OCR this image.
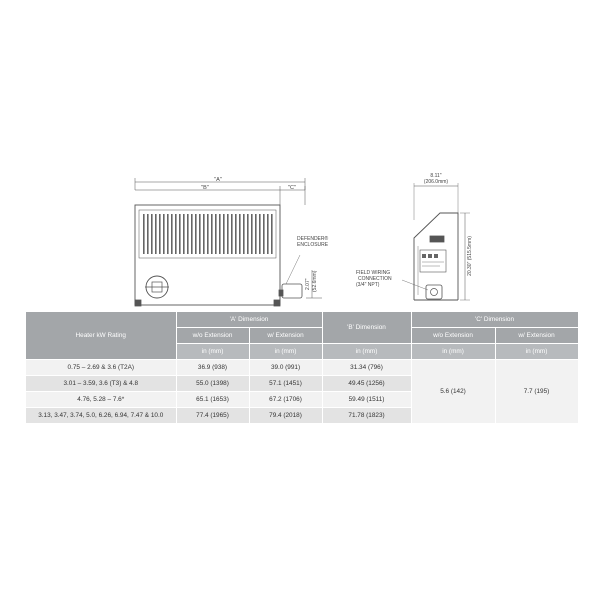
"A"
"B"	"C"
DEFENDER®
ENCLOSURE
2.07" (52.6mm)
8.11"
(206.0mm)
20.30" (515.5mm)
FIELD WIRING
CONNECTION
(3/4" NPT)
Heater kW Rating	'A' Dimension		'B' Dimension	'C' Dimension	
	w/o Extension	w/ Extension		w/o Extension	w/ Extension
	in (mm)	in (mm)	in (mm)	in (mm)	in (mm)
0.75 – 2.69 & 3.6 (T2A)	36.9 (938)	39.0 (991)	31.34 (796)	5.6 (142)	7.7 (195)
3.01 – 3.59, 3.6 (T3) & 4.8	55.0 (1398)	57.1 (1451)	49.45 (1256)		
4.76, 5.28 – 7.6*	65.1 (1653)	67.2 (1706)	59.49 (1511)		
3.13, 3.47, 3.74, 5.0, 6.26, 6.94, 7.47 & 10.0	77.4 (1965)	79.4 (2018)	71.78 (1823)		
